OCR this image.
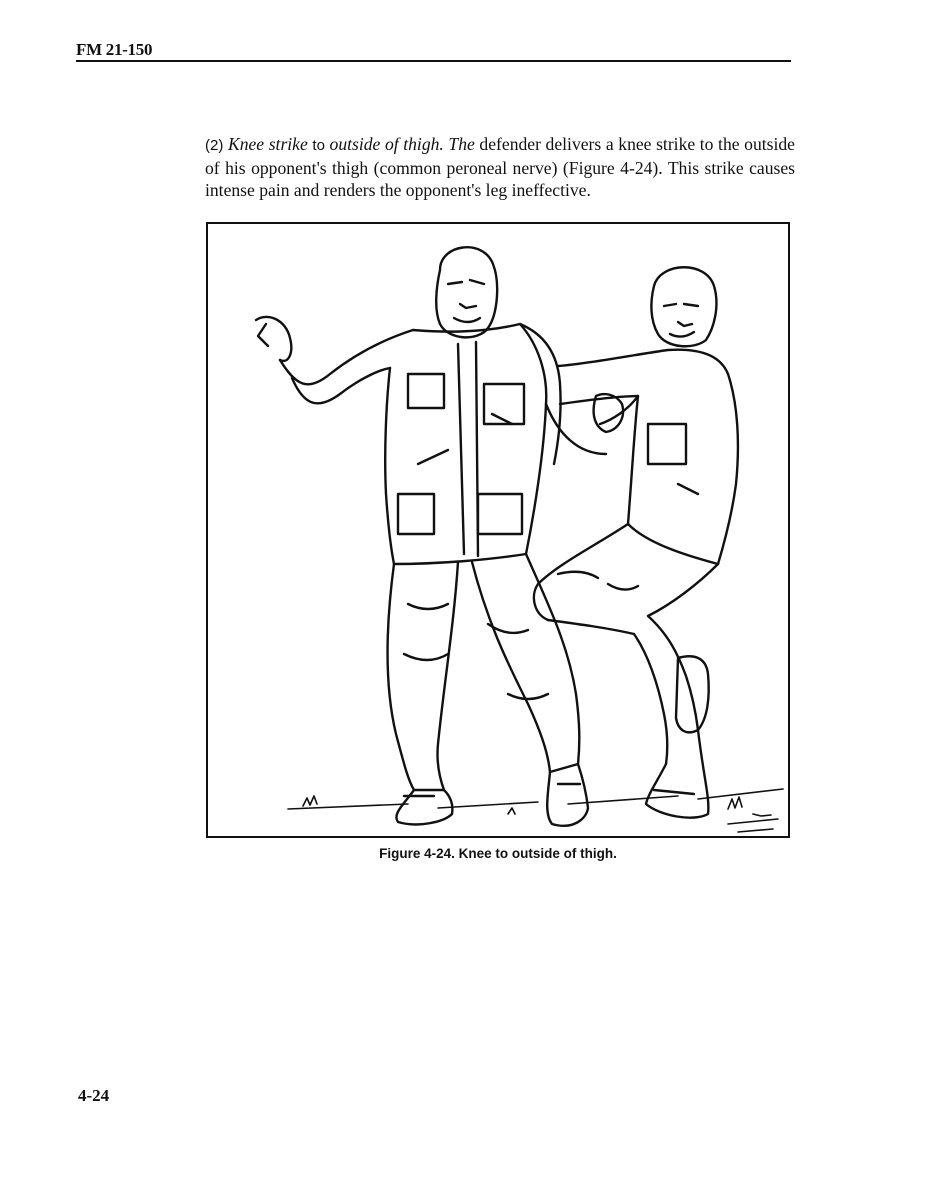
FM 21-150

(2) Knee strike to outside of thigh. The defender delivers a knee strike to the outside of his opponent's thigh (common peroneal nerve) (Figure 4-24). This strike causes intense pain and renders the opponent's leg ineffective.

Figure 4-24. Knee to outside of thigh.
4-24
